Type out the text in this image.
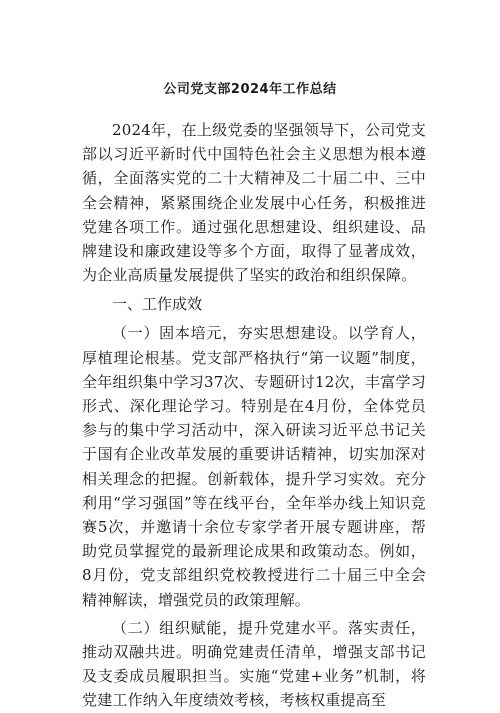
公司党支部2024年工作总结

2024年，在上级党委的坚强领导下，公司党支部以习近平新时代中国特色社会主义思想为根本遵循，全面落实党的二十大精神及二十届二中、三中全会精神，紧紧围绕企业发展中心任务，积极推进党建各项工作。通过强化思想建设、组织建设、品牌建设和廉政建设等多个方面，取得了显著成效，为企业高质量发展提供了坚实的政治和组织保障。

一、工作成效

（一）固本培元，夯实思想建设。以学育人，厚植理论根基。党支部严格执行“第一议题”制度，全年组织集中学习37次、专题研讨12次，丰富学习形式、深化理论学习。特别是在4月份，全体党员参与的集中学习活动中，深入研读习近平总书记关于国有企业改革发展的重要讲话精神，切实加深对相关理念的把握。创新载体，提升学习实效。充分利用“学习强国”等在线平台，全年举办线上知识竞赛5次，并邀请十余位专家学者开展专题讲座，帮助党员掌握党的最新理论成果和政策动态。例如，8月份，党支部组织党校教授进行二十届三中全会精神解读，增强党员的政策理解。

（二）组织赋能，提升党建水平。落实责任，推动双融共进。明确党建责任清单，增强支部书记及支委成员履职担当。实施“党建+业务”机制，将党建工作纳入年度绩效考核，考核权重提高至
